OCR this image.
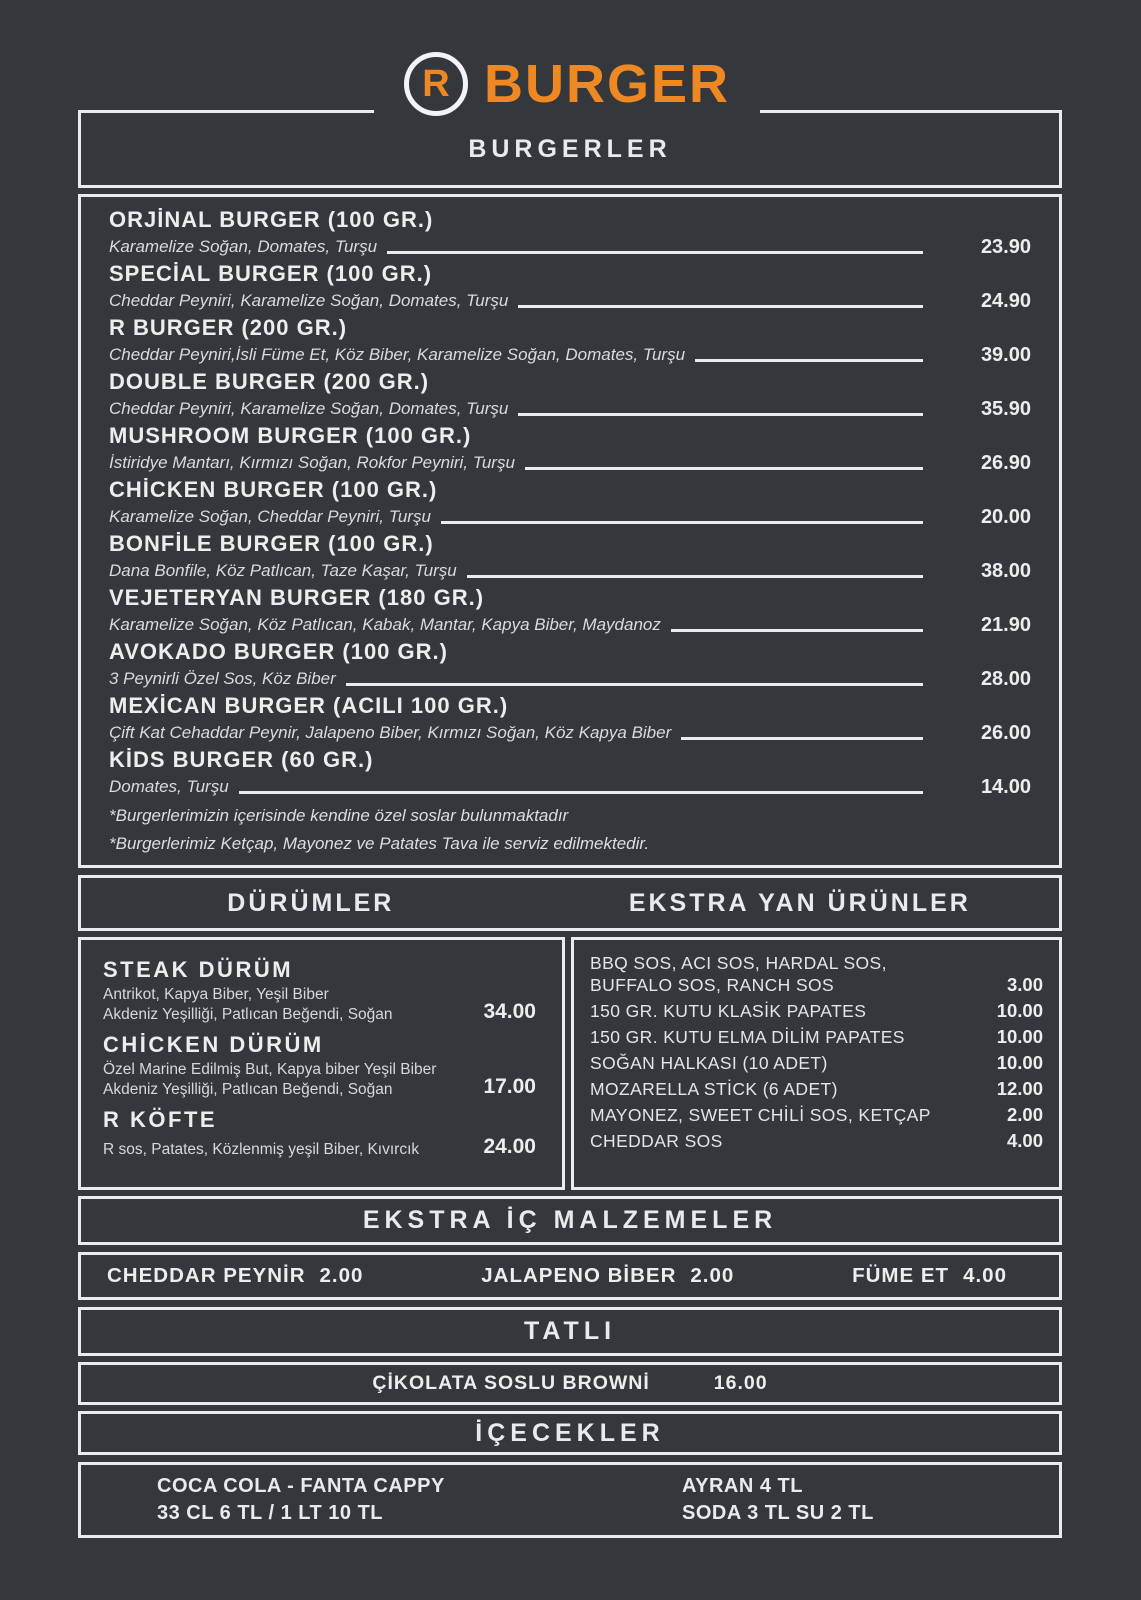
R BURGER
BURGERLER
ORJİNAL BURGER (100 GR.)
Karamelize Soğan, Domates, Turşu	23.90
SPECİAL BURGER (100 GR.)
Cheddar Peyniri, Karamelize Soğan, Domates, Turşu	24.90
R BURGER (200 GR.)
Cheddar Peyniri,İsli Füme Et, Köz Biber, Karamelize Soğan, Domates, Turşu	39.00
DOUBLE BURGER (200 GR.)
Cheddar Peyniri, Karamelize Soğan, Domates, Turşu	35.90
MUSHROOM BURGER (100 GR.)
İstiridye Mantarı, Kırmızı Soğan, Rokfor Peyniri, Turşu	26.90
CHİCKEN BURGER (100 GR.)
Karamelize Soğan, Cheddar Peyniri, Turşu	20.00
BONFİLE BURGER (100 GR.)
Dana Bonfile, Köz Patlıcan, Taze Kaşar, Turşu	38.00
VEJETERYAN BURGER (180 GR.)
Karamelize Soğan, Köz Patlıcan, Kabak, Mantar, Kapya Biber, Maydanoz	21.90
AVOKADO BURGER (100 GR.)
3 Peynirli Özel Sos, Köz Biber	28.00
MEXİCAN BURGER (ACILI 100 GR.)
Çift Kat Cehaddar Peynir, Jalapeno Biber, Kırmızı Soğan, Köz Kapya Biber	26.00
KİDS BURGER (60 GR.)
Domates, Turşu	14.00
*Burgerlerimizin içerisinde kendine özel soslar bulunmaktadır
*Burgerlerimiz Ketçap, Mayonez ve Patates Tava ile serviz edilmektedir.
DÜRÜMLER	EKSTRA YAN ÜRÜNLER
STEAK DÜRÜM
Antrikot, Kapya Biber, Yeşil Biber
Akdeniz Yeşilliği, Patlıcan Beğendi, Soğan	34.00
CHİCKEN DÜRÜM
Özel Marine Edilmiş But, Kapya biber Yeşil Biber
Akdeniz Yeşilliği, Patlıcan Beğendi, Soğan	17.00
R KÖFTE
R sos, Patates, Közlenmiş yeşil Biber, Kıvırcık	24.00
BBQ SOS, ACI SOS, HARDAL SOS,
BUFFALO SOS, RANCH SOS	3.00
150 GR. KUTU KLASİK PAPATES	10.00
150 GR. KUTU ELMA DİLİM PAPATES	10.00
SOĞAN HALKASI (10 ADET)	10.00
MOZARELLA STİCK (6 ADET)	12.00
MAYONEZ, SWEET CHİLİ SOS, KETÇAP	2.00
CHEDDAR SOS	4.00
EKSTRA İÇ MALZEMELER
CHEDDAR PEYNİR 2.00	JALAPENO BİBER 2.00	FÜME ET 4.00
TATLI
ÇİKOLATA SOSLU BROWNİ	16.00
İÇECEKLER
COCA COLA - FANTA CAPPY
33 CL 6 TL / 1 LT 10 TL
AYRAN 4 TL
SODA 3 TL SU 2 TL
